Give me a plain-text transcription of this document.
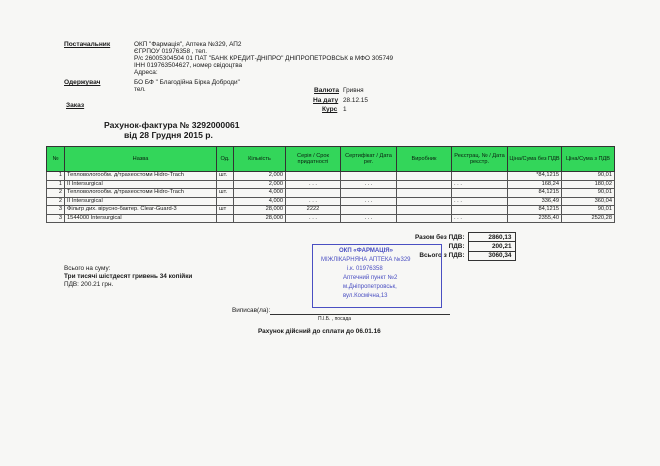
Постачальник	ОКП "Фармація", Аптека №329, АП2
ЄГРПОУ 01976358 , тел.
Р/с 26005304504 01 ПАТ "БАНК КРЕДИТ-ДНІПРО" ДНІПРОПЕТРОВСЬК в МФО 305749
ІНН 019763504627, номер свідоцтва
Адреса:
Одержувач	БО БФ " Благодійна Бірка Доброди"
тел.	Валюта Гривня
На дату 28.12.15
Курс 1
Заказ
Рахунок-фактура № 3292000061
від 28 Грудня 2015 р.
№	Назва	Од.	Кількість	Серія / Срок придатності	Сертифікат / Дата рег.	Виробник	Реєстрац. № / Дата реєстр.	Ціна/Сума без ПДВ	Ціна/Сума з ПДВ
1	Тепловологообм. д/трахеостоми Hidro-Trach	шт.	2,000					*84,1215	90,01
1	II Intersurgical		2,000	. . .	. . .		. . .	168,24	180,02
2	Тепловологообм. д/трахеостоми Hidro-Trach	шт.	4,000					84,1215	90,01
2	II Intersurgical		4,000	. . .	. . .		. . .	336,49	360,04
3	Фільтр дих. вірусно-бактер. Clear-Guard-3	шт	28,000	2222				84,1215	90,01
3	1544000 Intersurgical		28,000	. . .	. . .		. . .	2355,40	2520,28
Разом без ПДВ:	2860,13
ПДВ:	200,21
Всього з ПДВ:	3060,34
Всього на суму:
Три тисячі шістдесят гривень 34 копійки
ПДВ: 200.21 грн.
ОКП «ФАРМАЦІЯ»
МІЖЛІКАРНЯНА АПТЕКА №329
і.к. 01976358
Аптечний пункт №2
м.Дніпропетровськ,
вул.Космічна,13
Виписав(ла):
П.І.Б. , посада
Рахунок дійсний до сплати до 06.01.16
